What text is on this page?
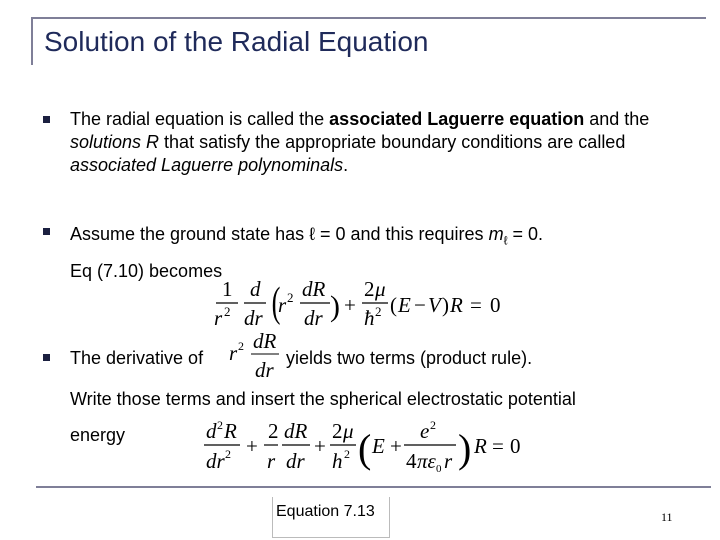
Solution of the Radial Equation
The radial equation is called the associated Laguerre equation and the solutions R that satisfy the appropriate boundary conditions are called associated Laguerre polynominals.
Assume the ground state has ℓ = 0 and this requires $m_\ell = 0$.
Eq (7.10) becomes
1
r 2
d
dr (
r 2 dR
dr ) +
2 μ
ħ 2 ( E − V ) R = 0
The derivative of	r 2 dR
dr yields two terms (product rule).
Write those terms and insert the spherical electrostatic potential
energy	d 2 R
dr 2 +
2
r
dR
dr
+
2 μ
h 2 ( E +
e 2
4 πε 0 r ) R = 0
Equation 7.13	11
